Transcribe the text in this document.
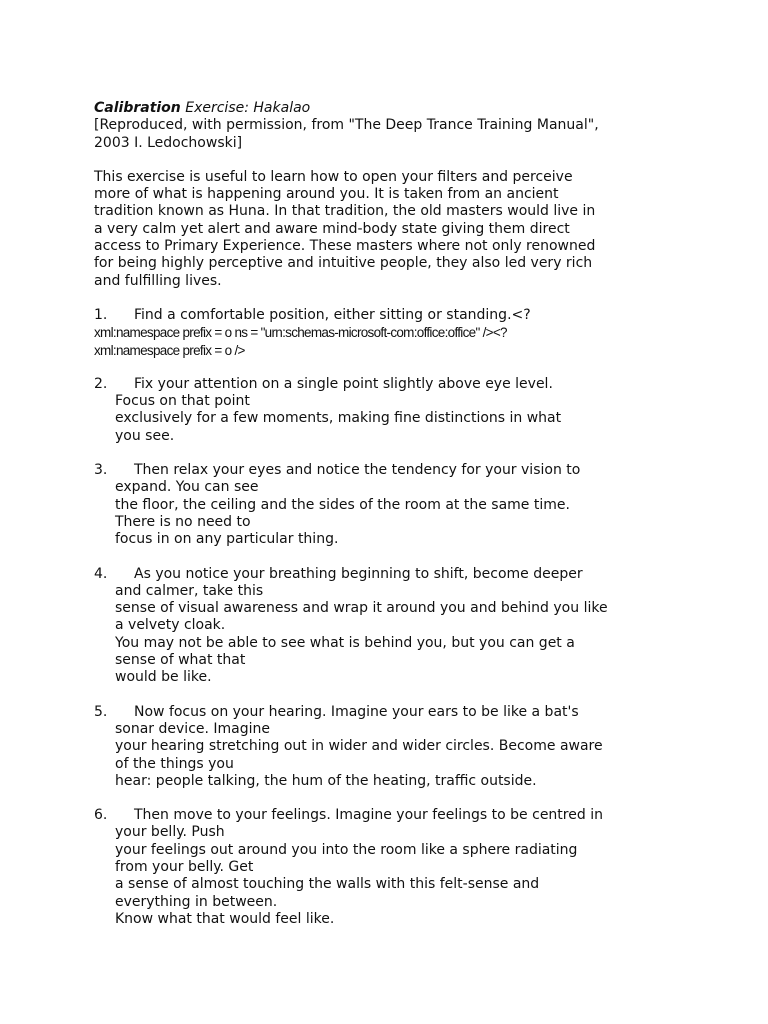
Calibration Exercise: Hakalao

[Reproduced, with permission, from "The Deep Trance Training Manual",

2003 I. Ledochowski]

This exercise is useful to learn how to open your filters and perceive

more of what is happening around you. It is taken from an ancient

tradition known as Huna. In that tradition, the old masters would live in

a very calm yet alert and aware mind-body state giving them direct

access to Primary Experience. These masters where not only renowned

for being highly perceptive and intuitive people, they also led very rich

and fulfilling lives.

1. Find a comfortable position, either sitting or standing.<?

xml:namespace prefix = o ns = "urn:schemas-microsoft-com:office:office" /><?

xml:namespace prefix = o />

2. Fix your attention on a single point slightly above eye level.

Focus on that point

exclusively for a few moments, making fine distinctions in what

you see.

3. Then relax your eyes and notice the tendency for your vision to

expand. You can see

the floor, the ceiling and the sides of the room at the same time.

There is no need to

focus in on any particular thing.

4. As you notice your breathing beginning to shift, become deeper

and calmer, take this

sense of visual awareness and wrap it around you and behind you like

a velvety cloak.

You may not be able to see what is behind you, but you can get a

sense of what that

would be like.

5. Now focus on your hearing. Imagine your ears to be like a bat's

sonar device. Imagine

your hearing stretching out in wider and wider circles. Become aware

of the things you

hear: people talking, the hum of the heating, traffic outside.

6. Then move to your feelings. Imagine your feelings to be centred in

your belly. Push

your feelings out around you into the room like a sphere radiating

from your belly. Get

a sense of almost touching the walls with this felt-sense and

everything in between.

Know what that would feel like.
